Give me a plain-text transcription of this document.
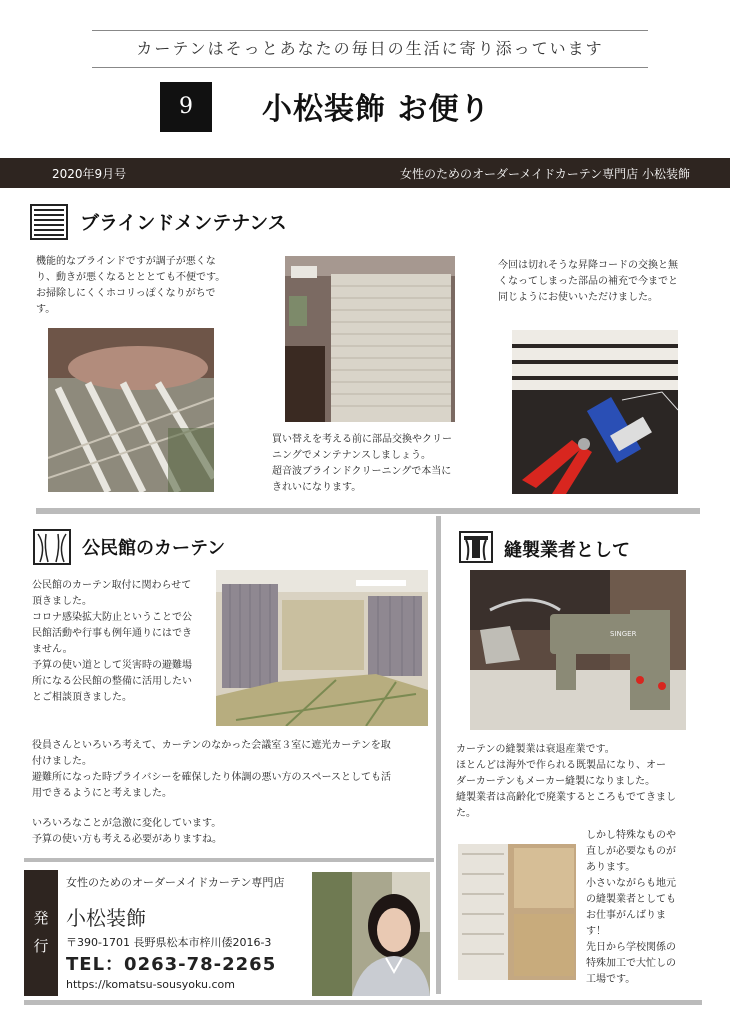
カーテンはそっとあなたの毎日の生活に寄り添っています
9	小松装飾 お便り
2020年9月号	女性のためのオーダーメイドカーテン専門店 小松装飾
ブラインドメンテナンス
機能的なブラインドですが調子が悪くな
り、動きが悪くなるとととても不便です。
お掃除しにくくホコリっぽくなりがちで
す。
買い替えを考える前に部品交換やクリー
ニングでメンテナンスしましょう。
超音波ブラインドクリーニングで本当に
きれいになります。
今回は切れそうな昇降コードの交換と無
くなってしまった部品の補充で今までと
同じようにお使いいただけました。
公民館のカーテン
公民館のカーテン取付に関わらせて
頂きました。
コロナ感染拡大防止ということで公
民館活動や行事も例年通りにはでき
ません。
予算の使い道として災害時の避難場
所になる公民館の整備に活用したい
とご相談頂きました。
役員さんといろいろ考えて、カーテンのなかった会議室３室に遮光カーテンを取
付けました。
避難所になった時プライバシーを確保したり体調の悪い方のスペースとしても活
用できるようにと考えました。
いろいろなことが急激に変化しています。
予算の使い方も考える必要がありますね。
縫製業者として
SINGER
カーテンの縫製業は衰退産業です。
ほとんどは海外で作られる既製品になり、オー
ダーカーテンもメーカー縫製になりました。
縫製業者は高齢化で廃業するところもでてきまし
た。
しかし特殊なものや
直しが必要なものが
あります。
小さいながらも地元
の縫製業者としても
お仕事がんばりま
す！
先日から学校関係の
特殊加工で大忙しの
工場です。
発
行
女性のためのオーダーメイドカーテン専門店
小松装飾
〒390-1701 長野県松本市梓川倭2016-3
TEL：0263-78-2265
https://komatsu-sousyoku.com
